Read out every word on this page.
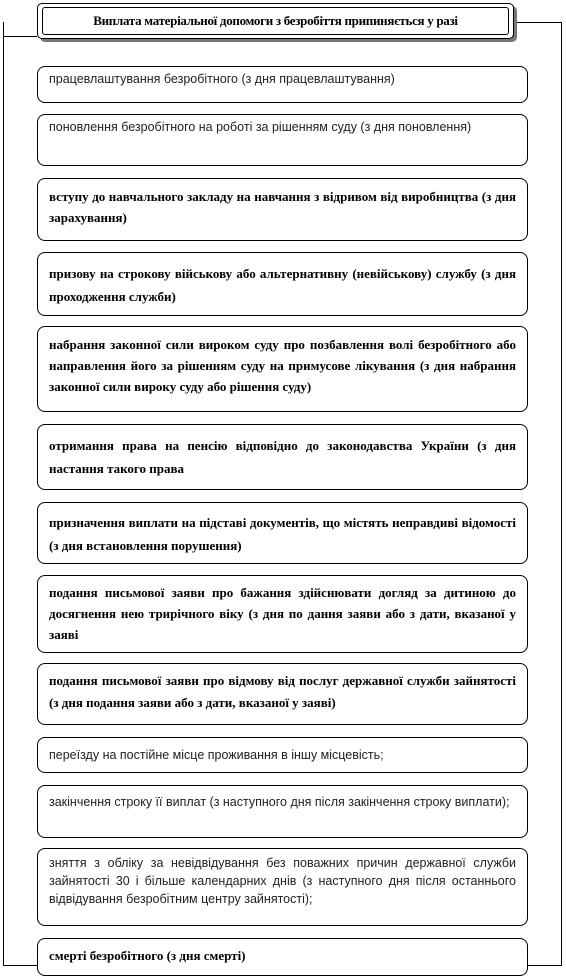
Виплата матеріальної допомоги з безробіття припиняється у разі
працевлаштування безробітного (з дня працевлаштування)
поновлення безробітного на роботі за рішенням суду (з дня поновлення)
вступу до навчального закладу на навчання з відривом від виробництва (з дня зарахування)
призову на строкову військову або альтернативну (невійськову) службу (з дня проходження служби)
набрання законної сили вироком суду про позбавлення волі безробітного або направлення його за рішенням суду на примусове лікування (з дня набрання законної сили вироку суду або рішення суду)
отримання права на пенсію відповідно до законодавства України (з дня настання такого права
призначення виплати на підставі документів, що містять неправдиві відомості (з дня встановлення порушення)
подання письмової заяви про бажання здійснювати догляд за дитиною до досягнення нею трирічного віку (з дня по дання заяви або з дати, вказаної у заяві
подання письмової заяви про відмову від послуг державної служби зайнятості (з дня подання заяви або з дати, вказаної у заяві)
переїзду на постійне місце проживання в іншу місцевість;
закінчення строку її виплат (з наступного дня після закінчення строку виплати);
зняття з обліку за невідвідування без поважних причин державної служби зайнятості 30 і більше календарних днів (з наступного дня після останнього відвідування безробітним центру зайнятості);
смерті безробітного (з дня смерті)
